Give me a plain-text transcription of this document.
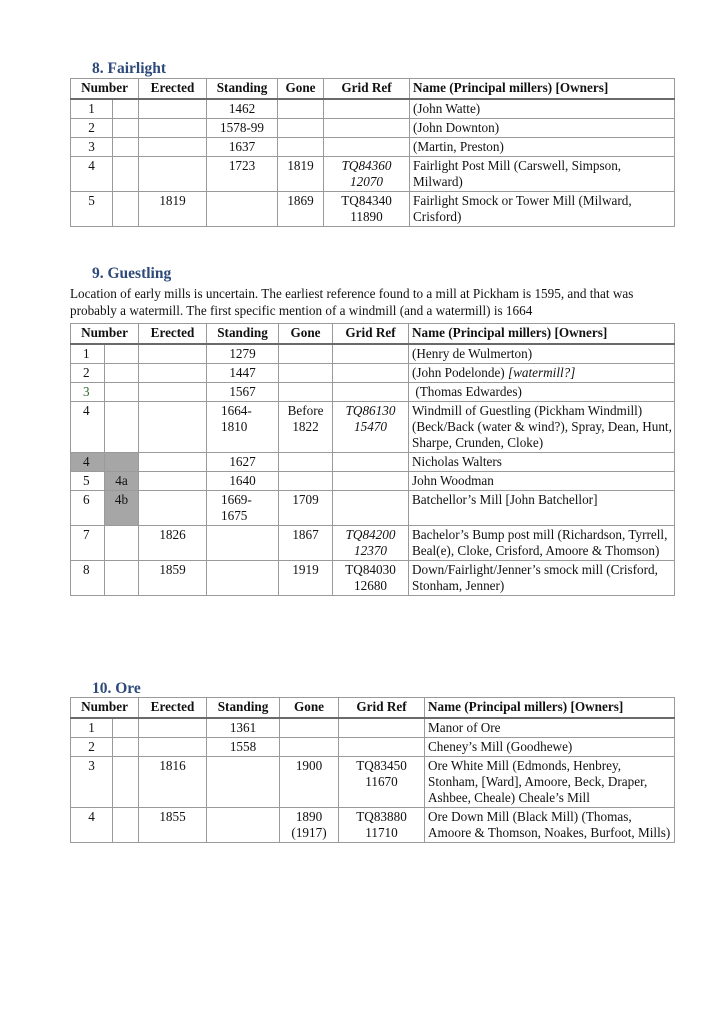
8. Fairlight
Number		Erected	Standing	Gone	Grid Ref	Name (Principal millers) [Owners]
1			1462			(John Watte)
2			1578-99			(John Downton)
3			1637			(Martin, Preston)
4			1723	1819	TQ84360 12070	Fairlight Post Mill (Carswell, Simpson, Milward)
5		1819		1869	TQ84340 11890	Fairlight Smock or Tower Mill (Milward, Crisford)
9. Guestling
Location of early mills is uncertain. The earliest reference found to a mill at Pickham is 1595, and that was probably a watermill. The first specific mention of a windmill (and a watermill) is 1664
Number		Erected	Standing	Gone	Grid Ref	Name (Principal millers) [Owners]
1			1279			(Henry de Wulmerton)
2			1447			(John Podelonde) [watermill?]
3			1567			(Thomas Edwardes)
4			1664-1810	Before 1822	TQ86130 15470	Windmill of Guestling (Pickham Windmill) (Beck/Back (water & wind?), Spray, Dean, Hunt, Sharpe, Crunden, Cloke)
4			1627			Nicholas Walters
5	4a		1640			John Woodman
6	4b		1669-1675	1709		Batchellor’s Mill [John Batchellor]
7		1826		1867	TQ84200 12370	Bachelor’s Bump post mill (Richardson, Tyrrell, Beal(e), Cloke, Crisford, Amoore & Thomson)
8		1859		1919	TQ84030 12680	Down/Fairlight/Jenner’s smock mill (Crisford, Stonham, Jenner)
10. Ore
Number		Erected	Standing	Gone	Grid Ref	Name (Principal millers) [Owners]
1			1361			Manor of Ore
2			1558			Cheney’s Mill (Goodhewe)
3		1816		1900	TQ83450 11670	Ore White Mill (Edmonds, Henbrey, Stonham, [Ward], Amoore, Beck, Draper, Ashbee, Cheale) Cheale’s Mill
4		1855		1890 (1917)	TQ83880 11710	Ore Down Mill (Black Mill) (Thomas, Amoore & Thomson, Noakes, Burfoot, Mills)
